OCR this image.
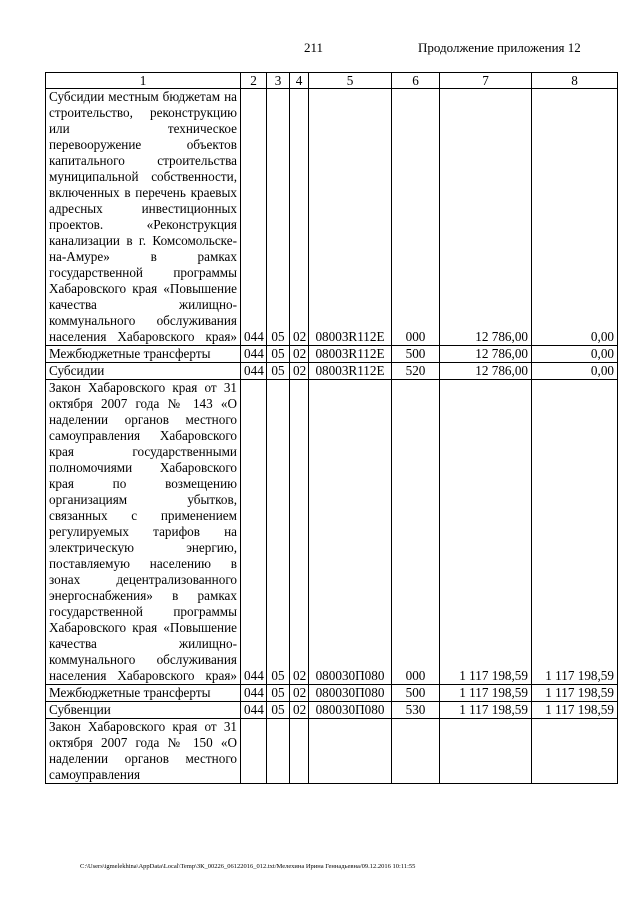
211	Продолжение приложения 12
1	2	3	4	5	6	7	8
Субсидии местным бюджетам на строительство, реконструкцию или техническое перевооружение объектов капитального строительства муниципальной собственности, включенных в перечень краевых адресных инвестиционных проектов. «Реконструкция канализации в г. Комсомольске-на-Амуре» в рамках государственной программы Хабаровского края «Повышение качества жилищно-коммунального обслуживания населения Хабаровского края»	044	05	02	08003R112E	000	12 786,00	0,00
Межбюджетные трансферты	044	05	02	08003R112E	500	12 786,00	0,00
Субсидии	044	05	02	08003R112E	520	12 786,00	0,00
Закон Хабаровского края от 31 октября 2007 года № 143 «О наделении органов местного самоуправления Хабаровского края государственными полномочиями Хабаровского края по возмещению организациям убытков, связанных с применением регулируемых тарифов на электрическую энергию, поставляемую населению в зонах децентрализованного энергоснабжения» в рамках государственной программы Хабаровского края «Повышение качества жилищно-коммунального обслуживания населения Хабаровского края»	044	05	02	080030П080	000	1 117 198,59	1 117 198,59
Межбюджетные трансферты	044	05	02	080030П080	500	1 117 198,59	1 117 198,59
Субвенции	044	05	02	080030П080	530	1 117 198,59	1 117 198,59
Закон Хабаровского края от 31 октября 2007 года № 150 «О наделении органов местного самоуправления							
C:\Users\igmelekhina\AppData\Local\Temp\ЗК_00226_06122016_012.txt/Мелехина Ирина Геннадьевна/09.12.2016 10:11:55
